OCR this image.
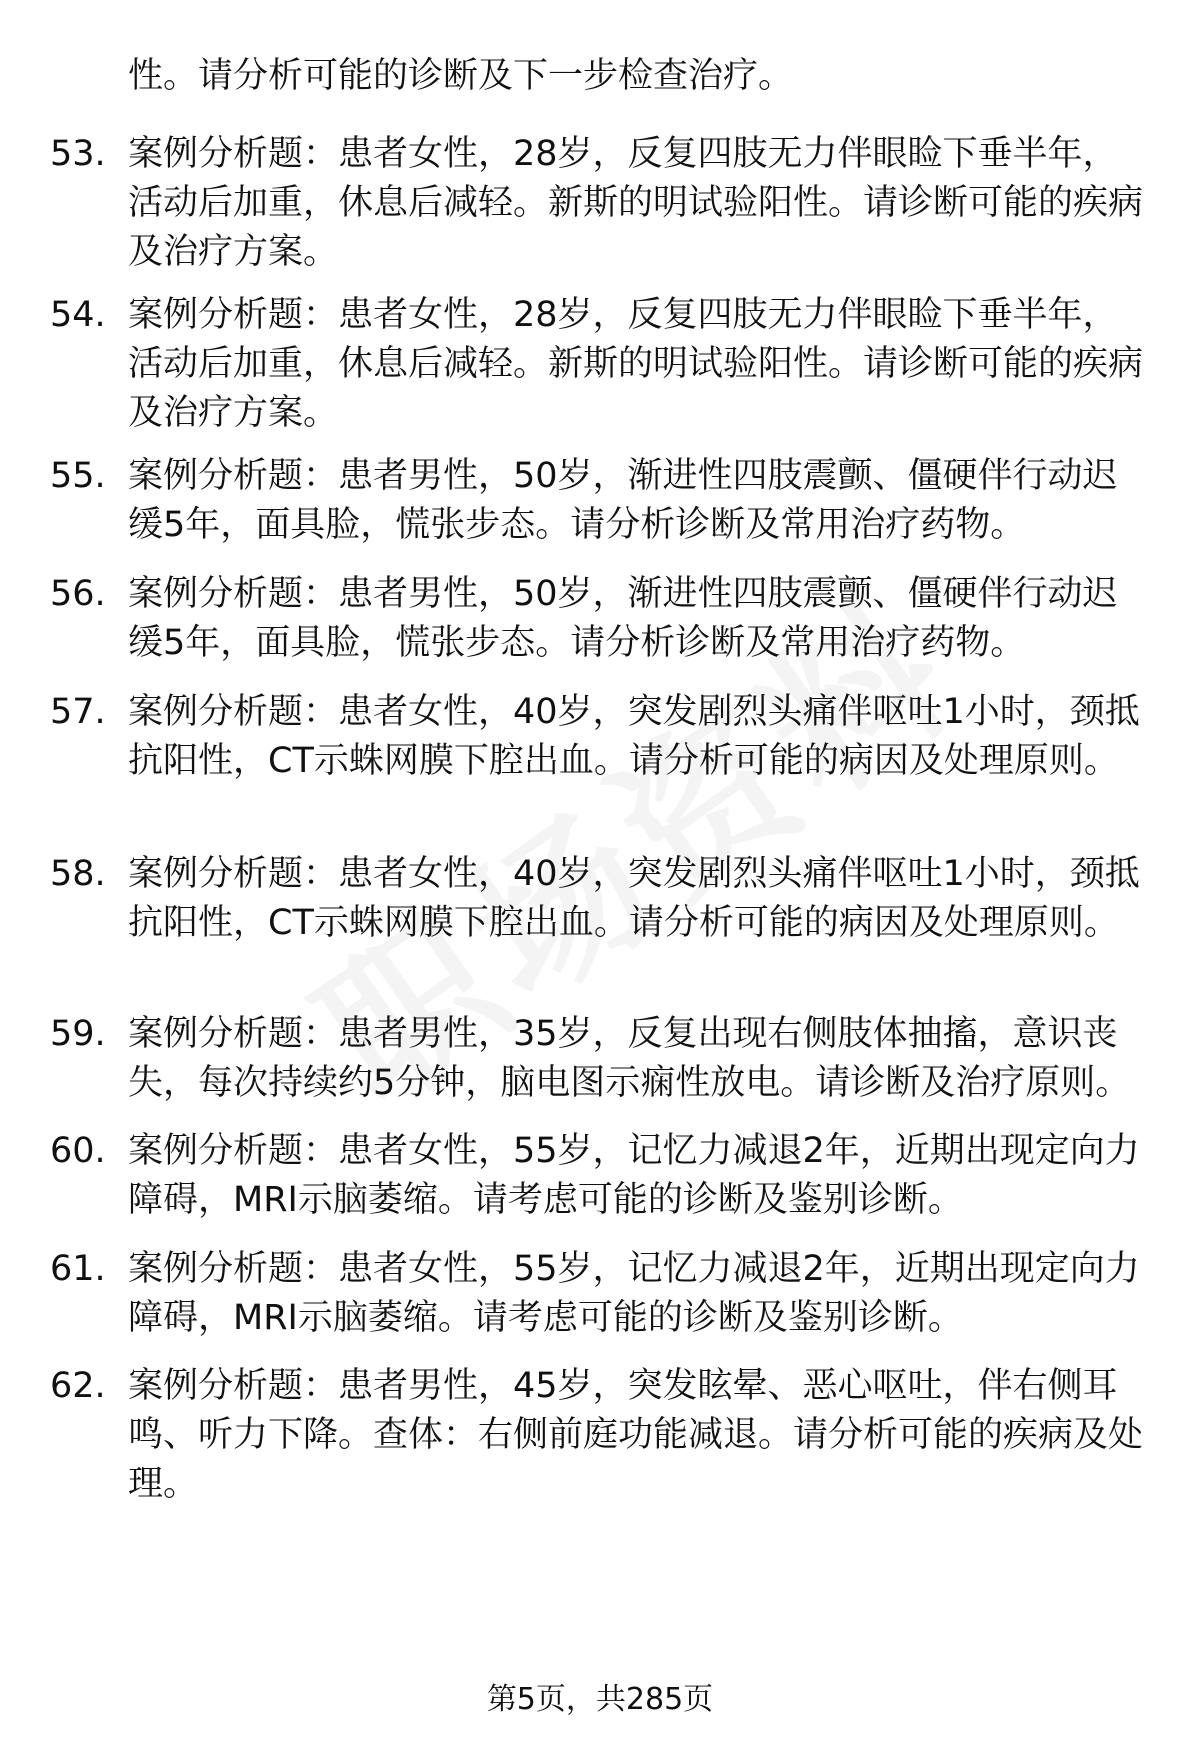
性。请分析可能的诊断及下一步检查治疗。
53. 案例分析题：患者女性，28岁，反复四肢无力伴眼睑下垂半年，活动后加重，休息后减轻。新斯的明试验阳性。请诊断可能的疾病及治疗方案。
54. 案例分析题：患者女性，28岁，反复四肢无力伴眼睑下垂半年，活动后加重，休息后减轻。新斯的明试验阳性。请诊断可能的疾病及治疗方案。
55. 案例分析题：患者男性，50岁，渐进性四肢震颤、僵硬伴行动迟缓5年，面具脸，慌张步态。请分析诊断及常用治疗药物。
56. 案例分析题：患者男性，50岁，渐进性四肢震颤、僵硬伴行动迟缓5年，面具脸，慌张步态。请分析诊断及常用治疗药物。
57. 案例分析题：患者女性，40岁，突发剧烈头痛伴呕吐1小时，颈抵抗阳性，CT示蛛网膜下腔出血。请分析可能的病因及处理原则。
58. 案例分析题：患者女性，40岁，突发剧烈头痛伴呕吐1小时，颈抵抗阳性，CT示蛛网膜下腔出血。请分析可能的病因及处理原则。
59. 案例分析题：患者男性，35岁，反复出现右侧肢体抽搐，意识丧失，每次持续约5分钟，脑电图示痫性放电。请诊断及治疗原则。
60. 案例分析题：患者女性，55岁，记忆力减退2年，近期出现定向力障碍，MRI示脑萎缩。请考虑可能的诊断及鉴别诊断。
61. 案例分析题：患者女性，55岁，记忆力减退2年，近期出现定向力障碍，MRI示脑萎缩。请考虑可能的诊断及鉴别诊断。
62. 案例分析题：患者男性，45岁，突发眩晕、恶心呕吐，伴右侧耳鸣、听力下降。查体：右侧前庭功能减退。请分析可能的疾病及处理。
第5页，共285页
